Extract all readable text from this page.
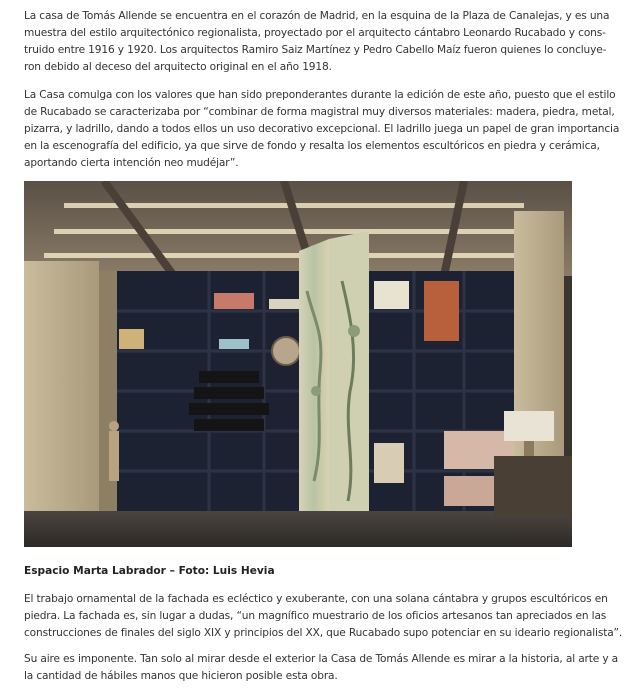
La casa de Tomás Allende se encuentra en el corazón de Madrid, en la esquina de la Plaza de Canalejas, y es una
muestra del estilo arquitectónico regionalista, proyectado por el arquitecto cántabro Leonardo Rucabado y cons-
truido entre 1916 y 1920. Los arquitectos Ramiro Saiz Martínez y Pedro Cabello Maíz fueron quienes lo concluye-
ron debido al deceso del arquitecto original en el año 1918.

La Casa comulga con los valores que han sido preponderantes durante la edición de este año, puesto que el estilo
de Rucabado se caracterizaba por “combinar de forma magistral muy diversos materiales: madera, piedra, metal,
pizarra, y ladrillo, dando a todos ellos un uso decorativo excepcional. El ladrillo juega un papel de gran importancia
en la escenografía del edificio, ya que sirve de fondo y resalta los elementos escultóricos en piedra y cerámica,
aportando cierta intención neo mudéjar”.

Espacio Marta Labrador – Foto: Luis Hevia

El trabajo ornamental de la fachada es ecléctico y exuberante, con una solana cántabra y grupos escultóricos en
piedra. La fachada es, sin lugar a dudas, “un magnífico muestrario de los oficios artesanos tan apreciados en las
construcciones de finales del siglo XIX y principios del XX, que Rucabado supo potenciar en su ideario regionalista”.

Su aire es imponente. Tan solo al mirar desde el exterior la Casa de Tomás Allende es mirar a la historia, al arte y a
la cantidad de hábiles manos que hicieron posible esta obra.
